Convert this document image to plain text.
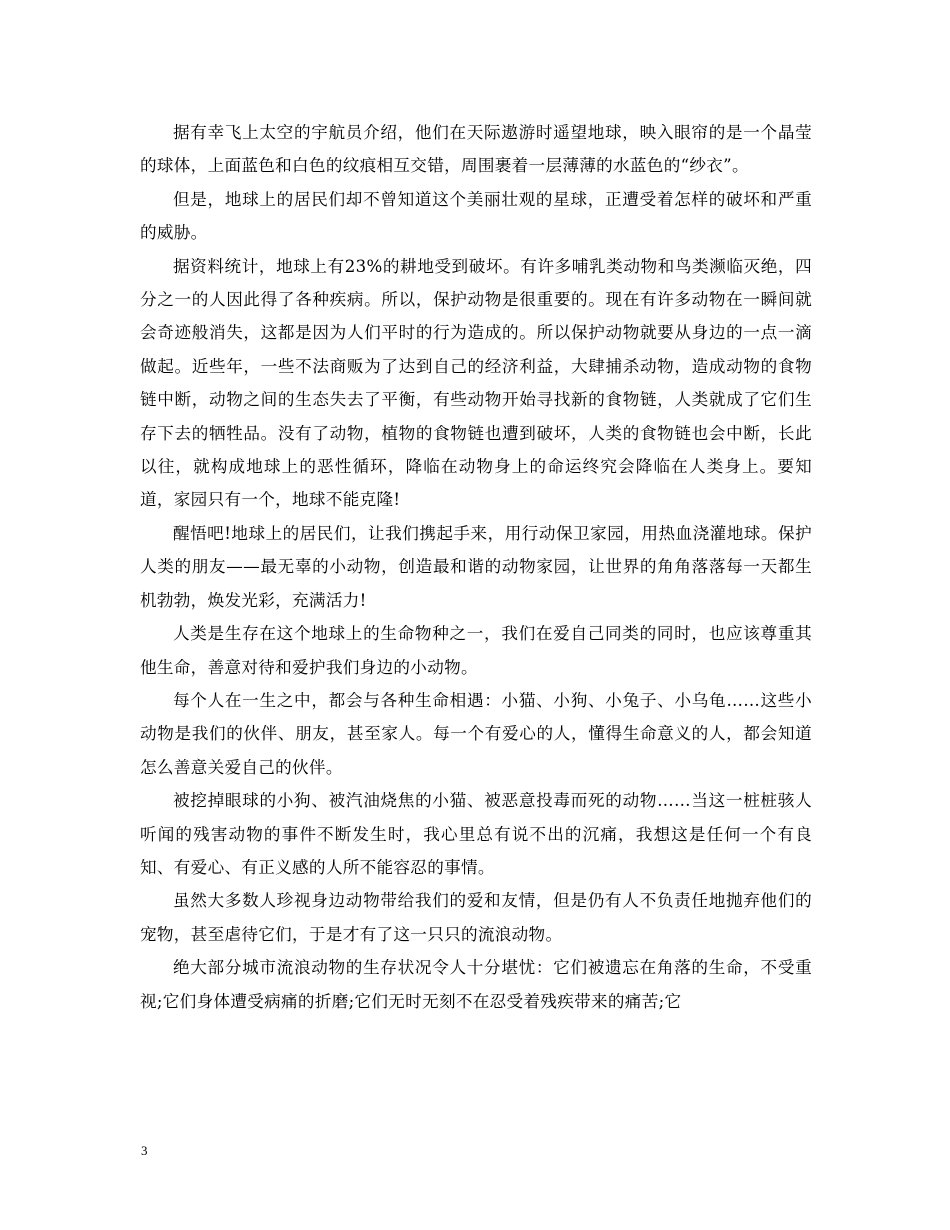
据有幸飞上太空的宇航员介绍，他们在天际遨游时遥望地球，映入眼帘的是一个晶莹的球体，上面蓝色和白色的纹痕相互交错，周围裹着一层薄薄的水蓝色的“纱衣”。

但是，地球上的居民们却不曾知道这个美丽壮观的星球，正遭受着怎样的破坏和严重的威胁。

据资料统计，地球上有23%的耕地受到破坏。有许多哺乳类动物和鸟类濒临灭绝，四分之一的人因此得了各种疾病。所以，保护动物是很重要的。现在有许多动物在一瞬间就会奇迹般消失，这都是因为人们平时的行为造成的。所以保护动物就要从身边的一点一滴做起。近些年，一些不法商贩为了达到自己的经济利益，大肆捕杀动物，造成动物的食物链中断，动物之间的生态失去了平衡，有些动物开始寻找新的食物链，人类就成了它们生存下去的牺牲品。没有了动物，植物的食物链也遭到破坏，人类的食物链也会中断，长此以往，就构成地球上的恶性循环，降临在动物身上的命运终究会降临在人类身上。要知道，家园只有一个，地球不能克隆!

醒悟吧!地球上的居民们，让我们携起手来，用行动保卫家园，用热血浇灌地球。保护人类的朋友——最无辜的小动物，创造最和谐的动物家园，让世界的角角落落每一天都生机勃勃，焕发光彩，充满活力!

人类是生存在这个地球上的生命物种之一，我们在爱自己同类的同时，也应该尊重其他生命，善意对待和爱护我们身边的小动物。

每个人在一生之中，都会与各种生命相遇：小猫、小狗、小兔子、小乌龟……这些小动物是我们的伙伴、朋友，甚至家人。每一个有爱心的人，懂得生命意义的人，都会知道怎么善意关爱自己的伙伴。

被挖掉眼球的小狗、被汽油烧焦的小猫、被恶意投毒而死的动物……当这一桩桩骇人听闻的残害动物的事件不断发生时，我心里总有说不出的沉痛，我想这是任何一个有良知、有爱心、有正义感的人所不能容忍的事情。

虽然大多数人珍视身边动物带给我们的爱和友情，但是仍有人不负责任地抛弃他们的宠物，甚至虐待它们，于是才有了这一只只的流浪动物。

绝大部分城市流浪动物的生存状况令人十分堪忧：它们被遗忘在角落的生命，不受重视;它们身体遭受病痛的折磨;它们无时无刻不在忍受着残疾带来的痛苦;它

3
